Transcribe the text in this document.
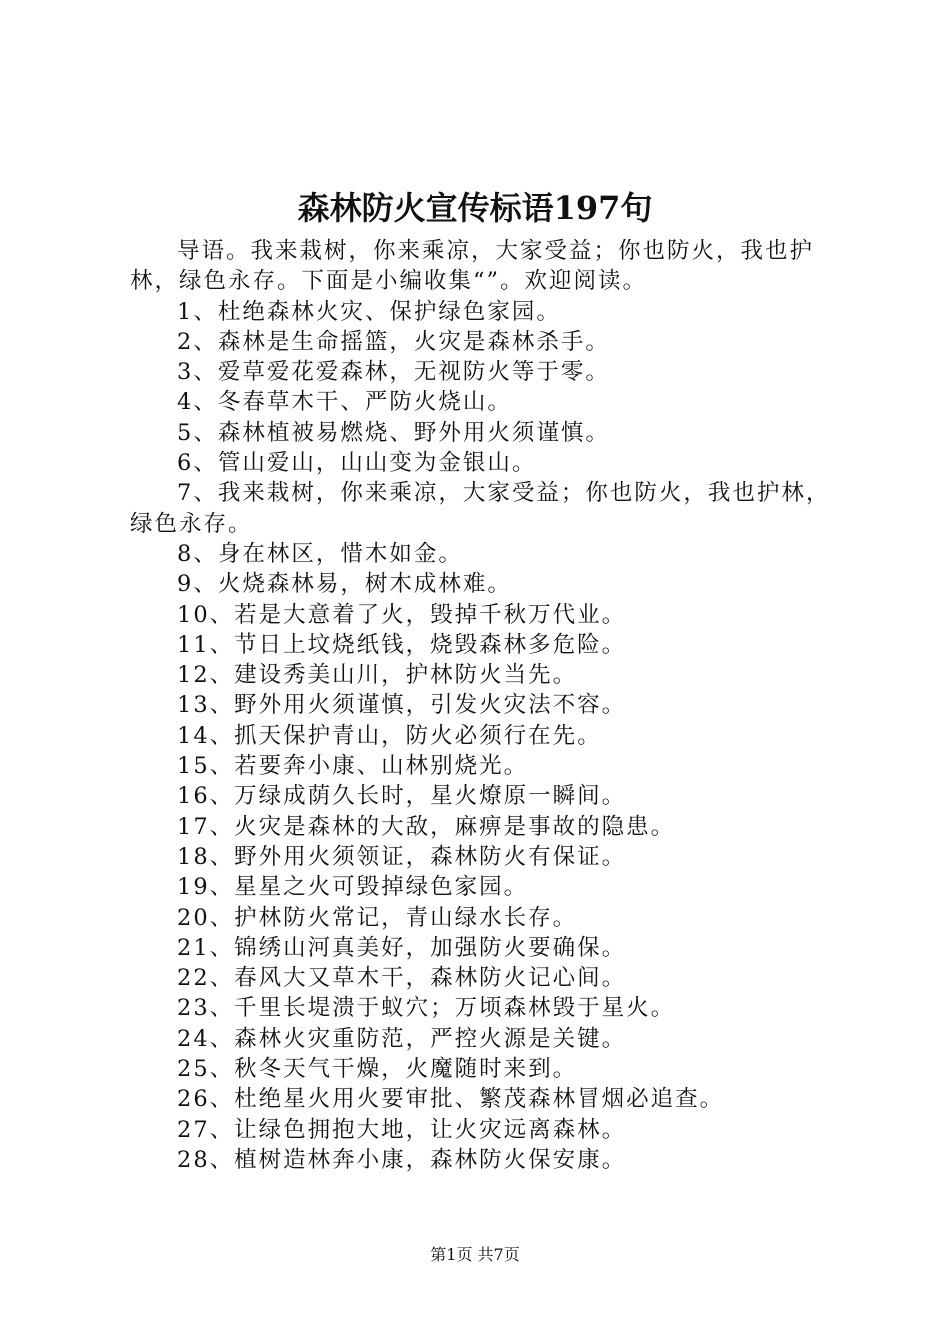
森林防火宣传标语197句

导语。我来栽树，你来乘凉，大家受益；你也防火，我也护林，绿色永存。下面是小编收集“”。欢迎阅读。

1、杜绝森林火灾、保护绿色家园。

2、森林是生命摇篮，火灾是森林杀手。

3、爱草爱花爱森林，无视防火等于零。

4、冬春草木干、严防火烧山。

5、森林植被易燃烧、野外用火须谨慎。

6、管山爱山，山山变为金银山。

7、我来栽树，你来乘凉，大家受益；你也防火，我也护林，绿色永存。

8、身在林区，惜木如金。

9、火烧森林易，树木成林难。

10、若是大意着了火，毁掉千秋万代业。

11、节日上坟烧纸钱，烧毁森林多危险。

12、建设秀美山川，护林防火当先。

13、野外用火须谨慎，引发火灾法不容。

14、抓天保护青山，防火必须行在先。

15、若要奔小康、山林别烧光。

16、万绿成荫久长时，星火燎原一瞬间。

17、火灾是森林的大敌，麻痹是事故的隐患。

18、野外用火须领证，森林防火有保证。

19、星星之火可毁掉绿色家园。

20、护林防火常记，青山绿水长存。

21、锦绣山河真美好，加强防火要确保。

22、春风大又草木干，森林防火记心间。

23、千里长堤溃于蚁穴；万顷森林毁于星火。

24、森林火灾重防范，严控火源是关键。

25、秋冬天气干燥，火魔随时来到。

26、杜绝星火用火要审批、繁茂森林冒烟必追查。

27、让绿色拥抱大地，让火灾远离森林。

28、植树造林奔小康，森林防火保安康。

第1页 共7页
